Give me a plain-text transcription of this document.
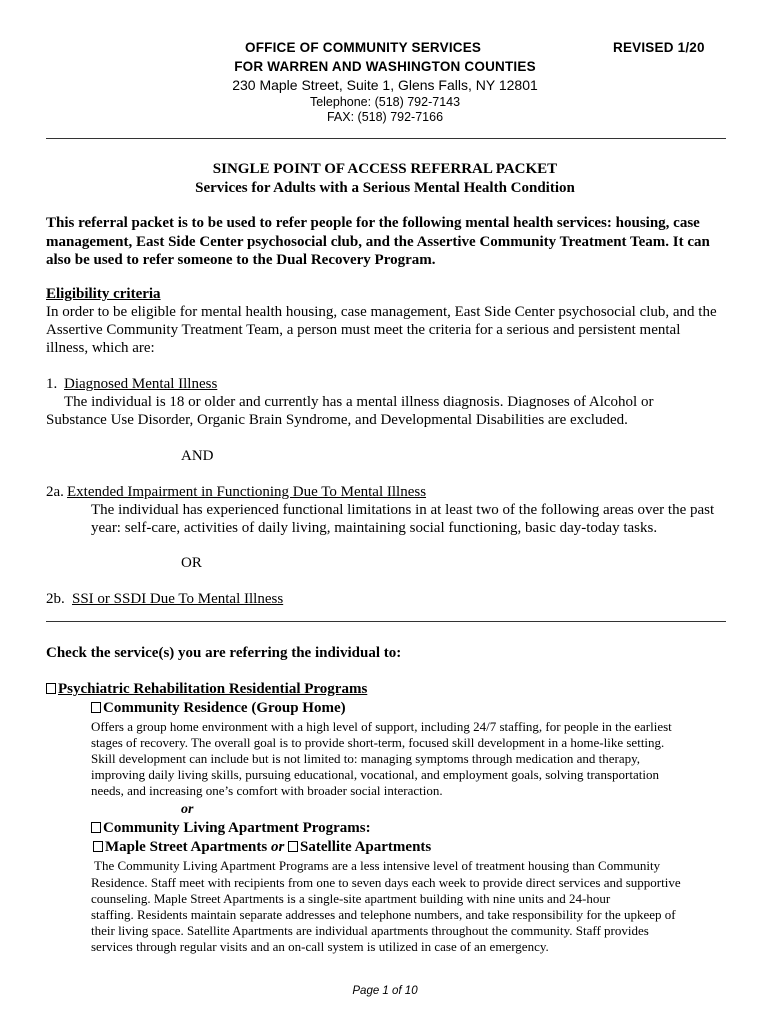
OFFICE OF COMMUNITY SERVICES	REVISED 1/20
FOR WARREN AND WASHINGTON COUNTIES
230 Maple Street, Suite 1, Glens Falls, NY 12801
Telephone: (518) 792-7143
FAX: (518) 792-7166
SINGLE POINT OF ACCESS REFERRAL PACKET
Services for Adults with a Serious Mental Health Condition
This referral packet is to be used to refer people for the following mental health services: housing, case
management, East Side Center psychosocial club, and the Assertive Community Treatment Team. It can
also be used to refer someone to the Dual Recovery Program.
Eligibility criteria
In order to be eligible for mental health housing, case management, East Side Center psychosocial club, and the
Assertive Community Treatment Team, a person must meet the criteria for a serious and persistent mental
illness, which are:
1. Diagnosed Mental Illness
The individual is 18 or older and currently has a mental illness diagnosis. Diagnoses of Alcohol or
Substance Use Disorder, Organic Brain Syndrome, and Developmental Disabilities are excluded.
AND
2a. Extended Impairment in Functioning Due To Mental Illness
The individual has experienced functional limitations in at least two of the following areas over the past
year: self-care, activities of daily living, maintaining social functioning, basic day-today tasks.
OR
2b. SSI or SSDI Due To Mental Illness
Check the service(s) you are referring the individual to:
Psychiatric Rehabilitation Residential Programs
Community Residence (Group Home)
Offers a group home environment with a high level of support, including 24/7 staffing, for people in the earliest
stages of recovery. The overall goal is to provide short-term, focused skill development in a home-like setting.
Skill development can include but is not limited to: managing symptoms through medication and therapy,
improving daily living skills, pursuing educational, vocational, and employment goals, solving transportation
needs, and increasing one’s comfort with broader social interaction.
or
Community Living Apartment Programs:
Maple Street Apartments or Satellite Apartments
The Community Living Apartment Programs are a less intensive level of treatment housing than Community
Residence. Staff meet with recipients from one to seven days each week to provide direct services and supportive
counseling. Maple Street Apartments is a single-site apartment building with nine units and 24-hour
staffing. Residents maintain separate addresses and telephone numbers, and take responsibility for the upkeep of
their living space. Satellite Apartments are individual apartments throughout the community. Staff provides
services through regular visits and an on-call system is utilized in case of an emergency.
Page 1 of 10
